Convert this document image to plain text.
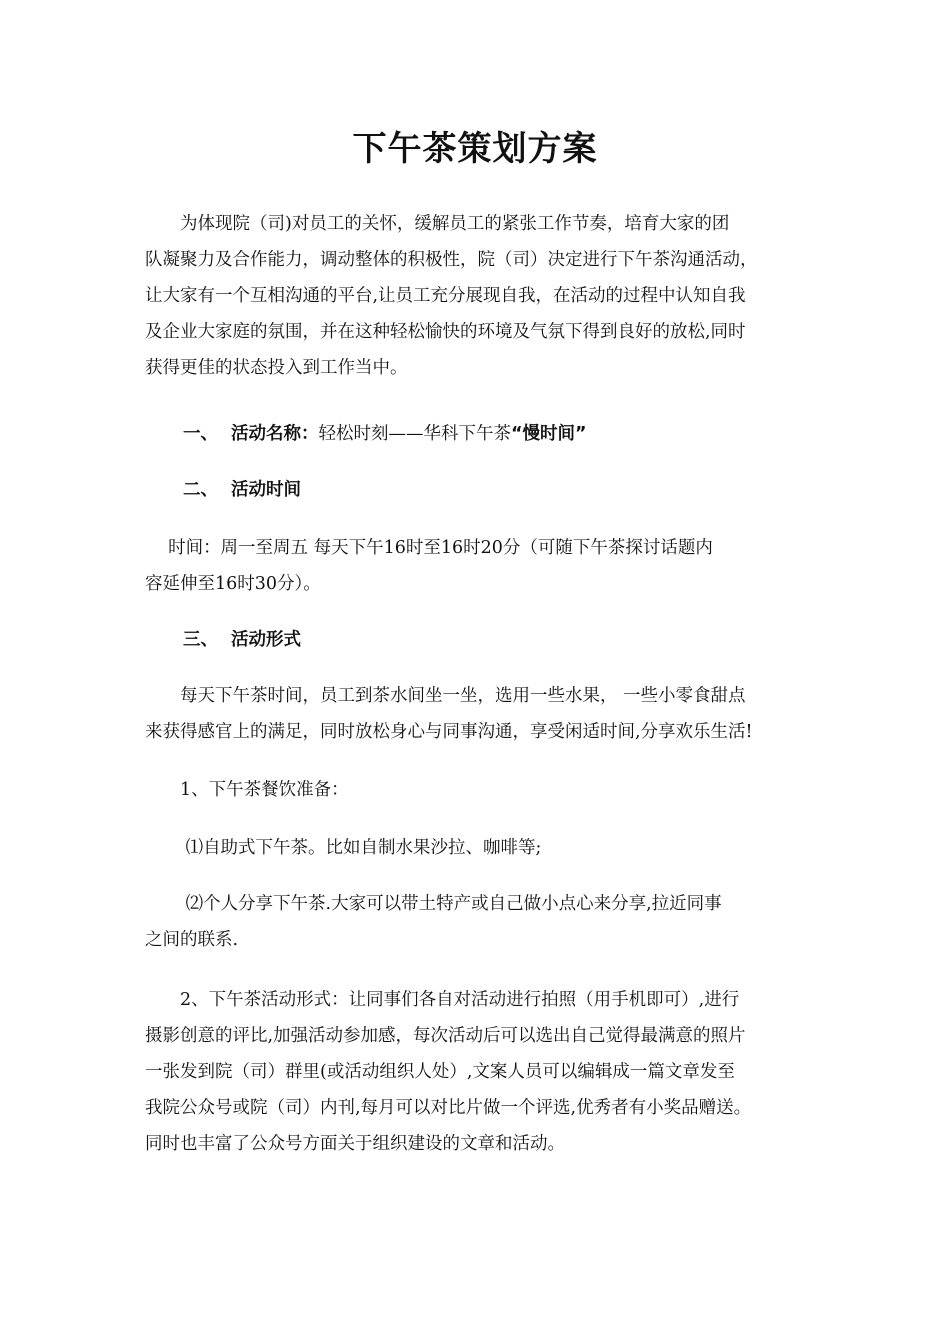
下午茶策划方案
　　为体现院（司)对员工的关怀，缓解员工的紧张工作节奏，培育大家的团
队凝聚力及合作能力，调动整体的积极性，院（司）决定进行下午茶沟通活动，
让大家有一个互相沟通的平台,让员工充分展现自我，在活动的过程中认知自我
及企业大家庭的氛围，并在这种轻松愉快的环境及气氛下得到良好的放松,同时
获得更佳的状态投入到工作当中。
一、 活动名称：轻松时刻——华科下午茶“慢时间”
二、 活动时间
　 时间：周一至周五 每天下午16时至16时20分（可随下午茶探讨话题内
容延伸至16时30分）。
三、 活动形式
　　每天下午茶时间，员工到茶水间坐一坐，选用一些水果， 一些小零食甜点
来获得感官上的满足，同时放松身心与同事沟通，享受闲适时间,分享欢乐生活!
　　1、下午茶餐饮准备：
　　 ⑴自助式下午茶。比如自制水果沙拉、咖啡等;
　　 ⑵个人分享下午茶.大家可以带土特产或自己做小点心来分享,拉近同事
之间的联系.
　　2、下午茶活动形式：让同事们各自对活动进行拍照（用手机即可）,进行
摄影创意的评比,加强活动参加感，每次活动后可以选出自己觉得最满意的照片
一张发到院（司）群里(或活动组织人处）,文案人员可以编辑成一篇文章发至
我院公众号或院（司）内刊,每月可以对比片做一个评选,优秀者有小奖品赠送。
同时也丰富了公众号方面关于组织建设的文章和活动。
